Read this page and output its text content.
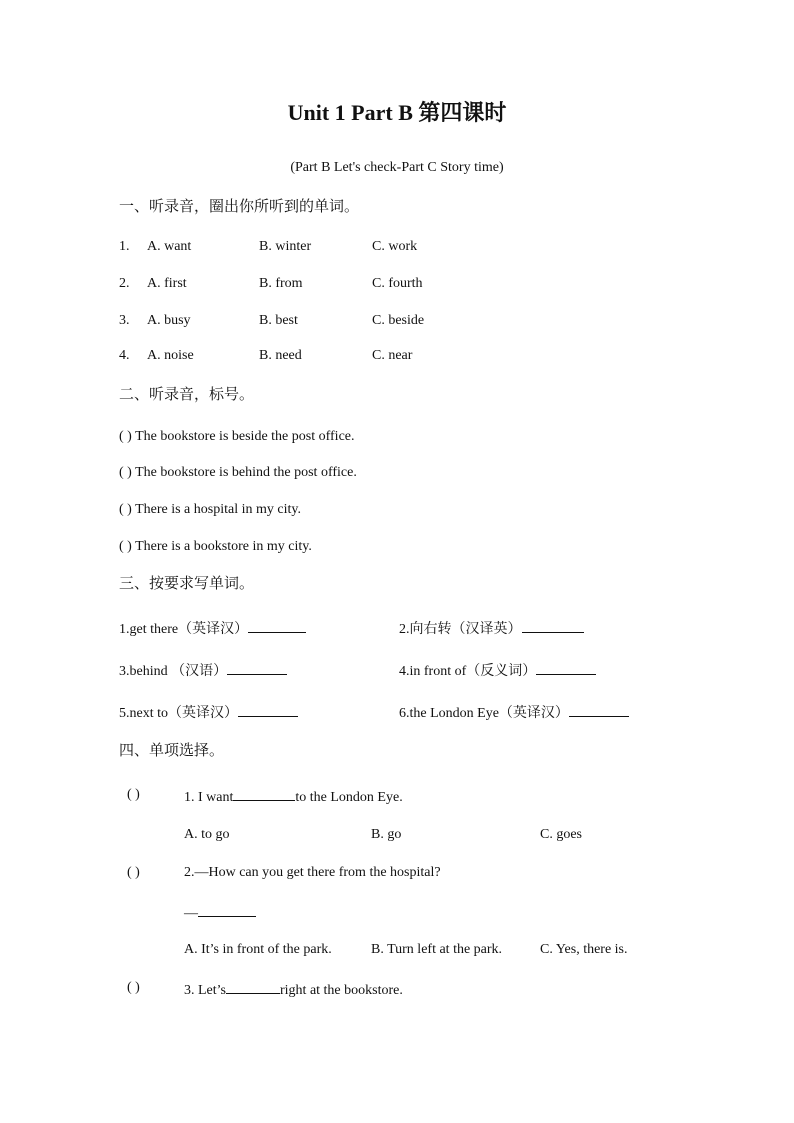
Unit 1 Part B 第四课时
(Part B Let's check-Part C Story time)
一、听录音，圈出你所听到的单词。
1. A. want	B. winter	C. work
2. A. first	B. from	C. fourth
3. A. busy	B. best	C. beside
4. A. noise	B. need	C. near
二、听录音，标号。
( ) The bookstore is beside the post office.
( ) The bookstore is behind the post office.
( ) There is a hospital in my city.
( ) There is a bookstore in my city.
三、按要求写单词。
1.get there（英译汉）	2.向右转（汉译英）
3.behind （汉语）	4.in front of（反义词）
5.next to（英译汉）	6.the London Eye（英译汉）
四、单项选择。
( )	1. I want	to the London Eye.
A. to go	B. go	C. goes
( )	2.—How can you get there from the hospital?
—
A. It’s in front of the park.	B. Turn left at the park.	C. Yes, there is.
( )	3. Let’s	right at the bookstore.
